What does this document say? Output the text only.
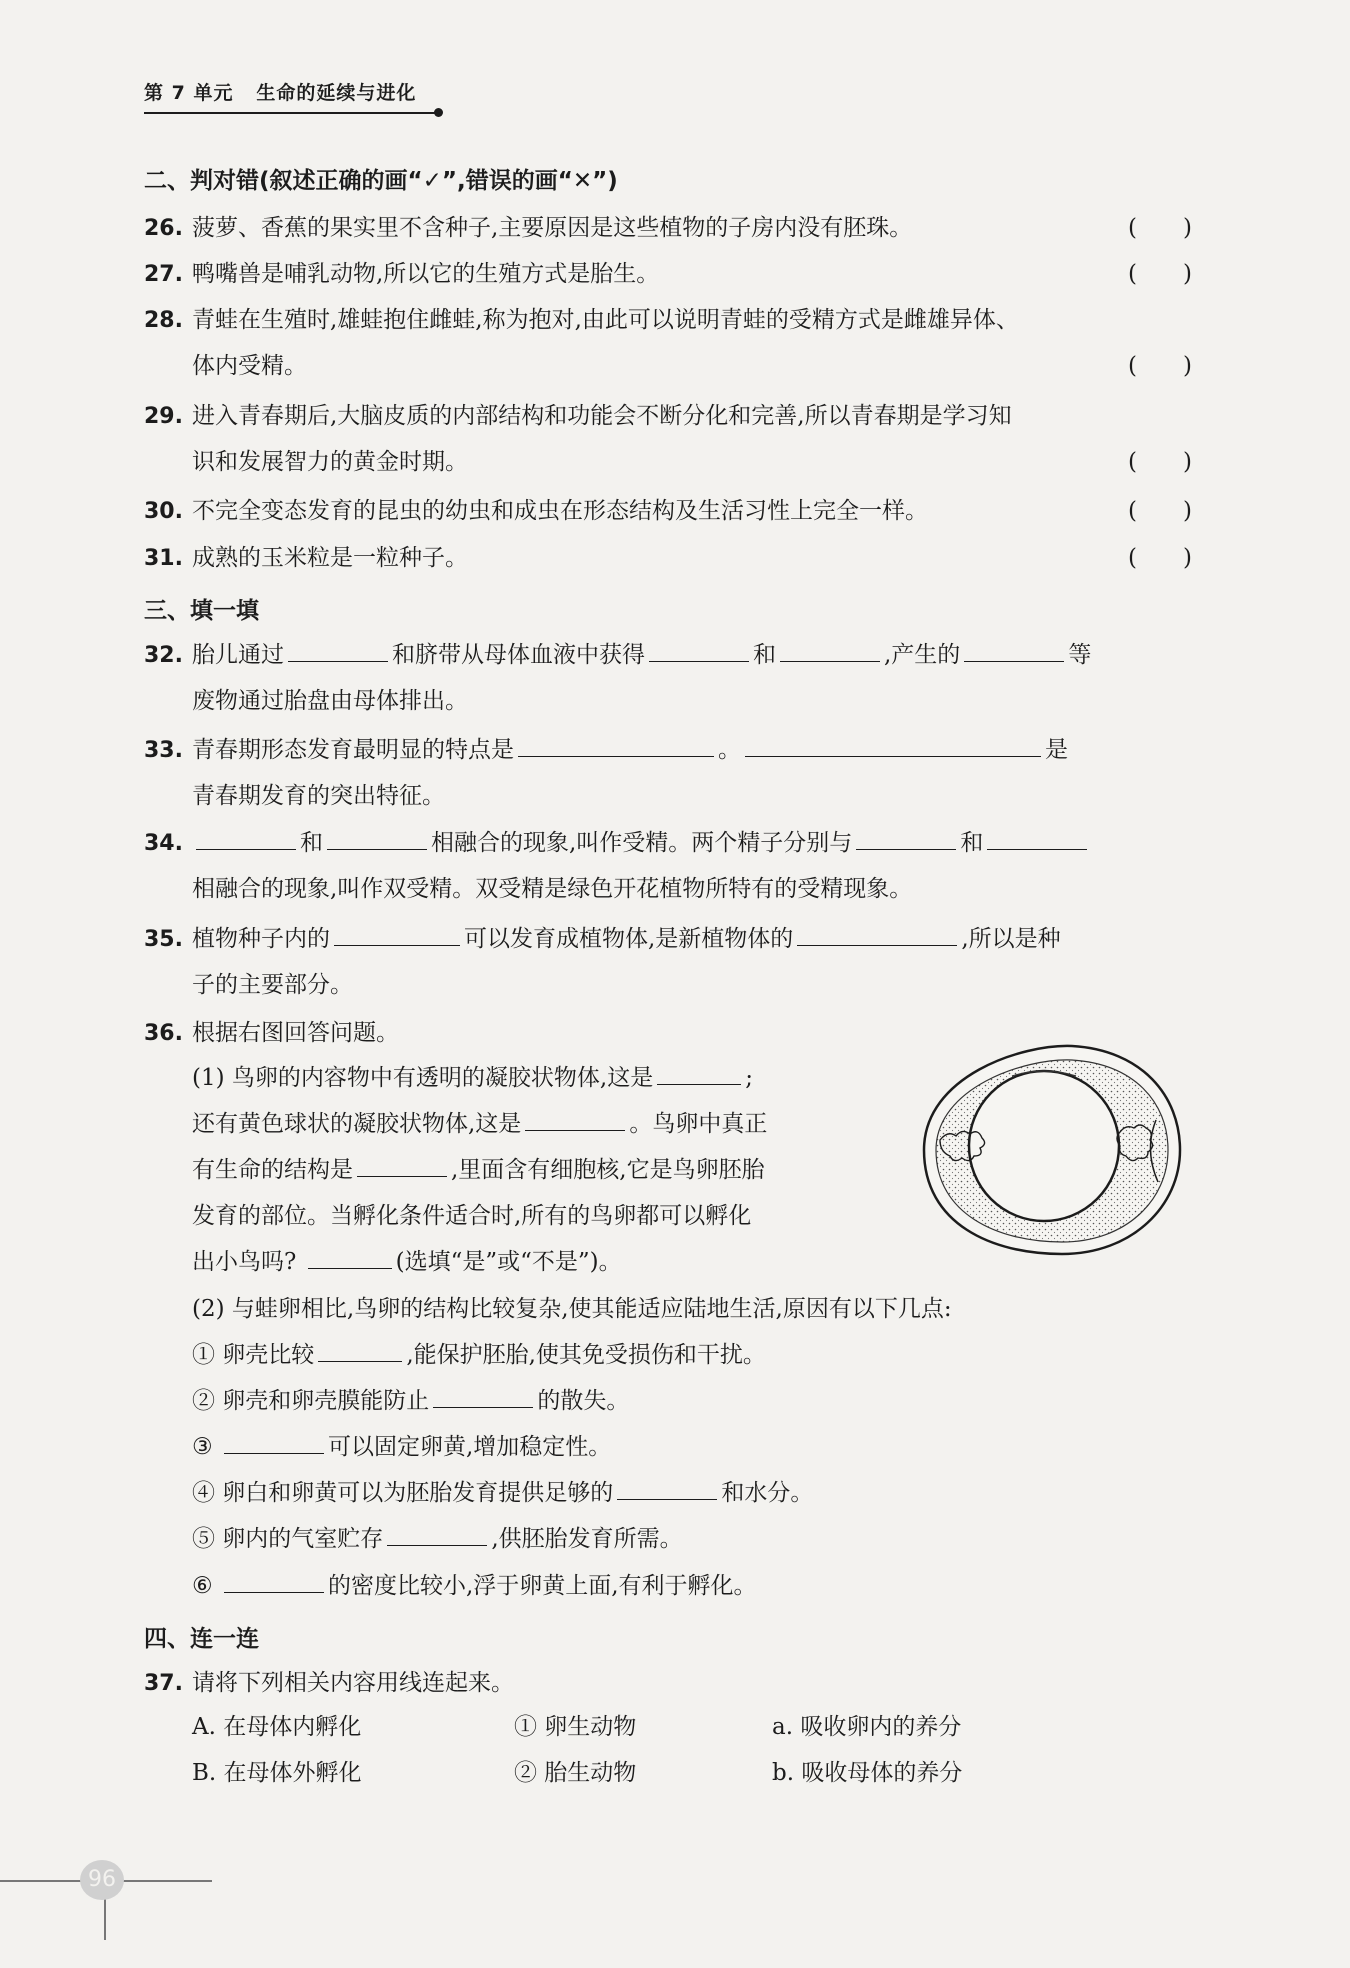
第 7 单元 生命的延续与进化
二、判对错(叙述正确的画“✓”,错误的画“✕”)
26. 菠萝、香蕉的果实里不含种子,主要原因是这些植物的子房内没有胚珠。	(　　)
27. 鸭嘴兽是哺乳动物,所以它的生殖方式是胎生。	(　　)
28. 青蛙在生殖时,雄蛙抱住雌蛙,称为抱对,由此可以说明青蛙的受精方式是雌雄异体、
体内受精。	(　　)
29. 进入青春期后,大脑皮质的内部结构和功能会不断分化和完善,所以青春期是学习知
识和发展智力的黄金时期。	(　　)
30. 不完全变态发育的昆虫的幼虫和成虫在形态结构及生活习性上完全一样。	(　　)
31. 成熟的玉米粒是一粒种子。	(　　)
三、填一填
32. 胎儿通过	和脐带从母体血液中获得	和	,产生的	等
废物通过胎盘由母体排出。
33. 青春期形态发育最明显的特点是	。	是
青春期发育的突出特征。
34.	和	相融合的现象,叫作受精。两个精子分别与	和
相融合的现象,叫作双受精。双受精是绿色开花植物所特有的受精现象。
35. 植物种子内的	可以发育成植物体,是新植物体的	,所以是种
子的主要部分。
36. 根据右图回答问题。
(1) 鸟卵的内容物中有透明的凝胶状物体,这是	;
还有黄色球状的凝胶状物体,这是	。鸟卵中真正
有生命的结构是	,里面含有细胞核,它是鸟卵胚胎
发育的部位。当孵化条件适合时,所有的鸟卵都可以孵化
出小鸟吗?	(选填“是”或“不是”)。
(2) 与蛙卵相比,鸟卵的结构比较复杂,使其能适应陆地生活,原因有以下几点:
① 卵壳比较	,能保护胚胎,使其免受损伤和干扰。
② 卵壳和卵壳膜能防止	的散失。
③	可以固定卵黄,增加稳定性。
④ 卵白和卵黄可以为胚胎发育提供足够的	和水分。
⑤ 卵内的气室贮存	,供胚胎发育所需。
⑥	的密度比较小,浮于卵黄上面,有利于孵化。
四、连一连
37. 请将下列相关内容用线连起来。
A. 在母体内孵化	① 卵生动物	a. 吸收卵内的养分
B. 在母体外孵化	② 胎生动物	b. 吸收母体的养分
96
